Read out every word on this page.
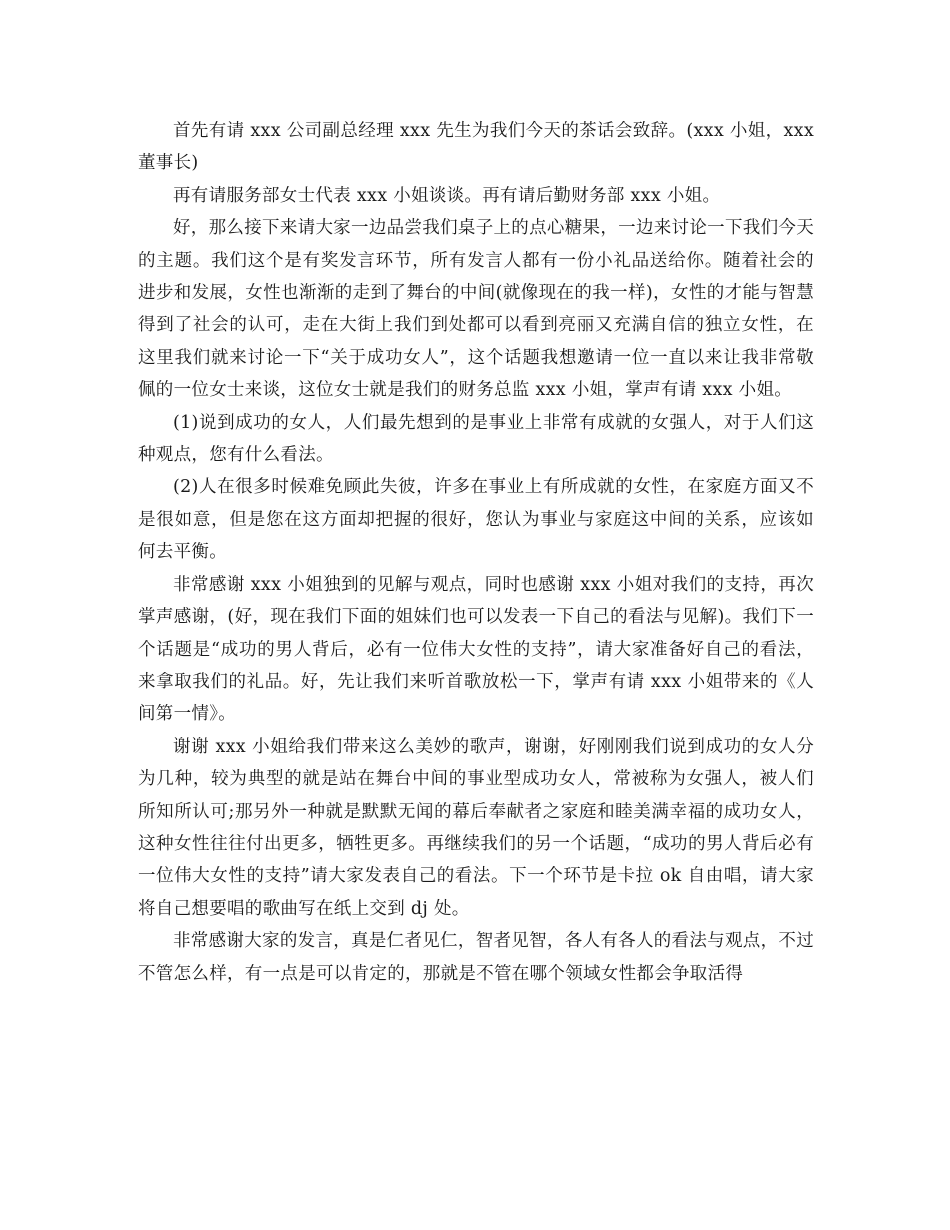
首先有请 xxx 公司副总经理 xxx 先生为我们今天的茶话会致辞。(xxx 小姐，xxx 董事长)

再有请服务部女士代表 xxx 小姐谈谈。再有请后勤财务部 xxx 小姐。

好，那么接下来请大家一边品尝我们桌子上的点心糖果，一边来讨论一下我们今天的主题。我们这个是有奖发言环节，所有发言人都有一份小礼品送给你。随着社会的进步和发展，女性也渐渐的走到了舞台的中间(就像现在的我一样)，女性的才能与智慧得到了社会的认可，走在大街上我们到处都可以看到亮丽又充满自信的独立女性，在这里我们就来讨论一下“关于成功女人”，这个话题我想邀请一位一直以来让我非常敬佩的一位女士来谈，这位女士就是我们的财务总监 xxx 小姐，掌声有请 xxx 小姐。

(1)说到成功的女人，人们最先想到的是事业上非常有成就的女强人，对于人们这种观点，您有什么看法。

(2)人在很多时候难免顾此失彼，许多在事业上有所成就的女性，在家庭方面又不是很如意，但是您在这方面却把握的很好，您认为事业与家庭这中间的关系，应该如何去平衡。

非常感谢 xxx 小姐独到的见解与观点，同时也感谢 xxx 小姐对我们的支持，再次掌声感谢，(好，现在我们下面的姐妹们也可以发表一下自己的看法与见解)。我们下一个话题是“成功的男人背后，必有一位伟大女性的支持”，请大家准备好自己的看法，来拿取我们的礼品。好，先让我们来听首歌放松一下，掌声有请 xxx 小姐带来的《人间第一情》。

谢谢 xxx 小姐给我们带来这么美妙的歌声，谢谢，好刚刚我们说到成功的女人分为几种，较为典型的就是站在舞台中间的事业型成功女人，常被称为女强人，被人们所知所认可;那另外一种就是默默无闻的幕后奉献者之家庭和睦美满幸福的成功女人，这种女性往往付出更多，牺牲更多。再继续我们的另一个话题，“成功的男人背后必有一位伟大女性的支持”请大家发表自己的看法。下一个环节是卡拉 ok 自由唱，请大家将自己想要唱的歌曲写在纸上交到 dj 处。

非常感谢大家的发言，真是仁者见仁，智者见智，各人有各人的看法与观点，不过不管怎么样，有一点是可以肯定的，那就是不管在哪个领域女性都会争取活得
